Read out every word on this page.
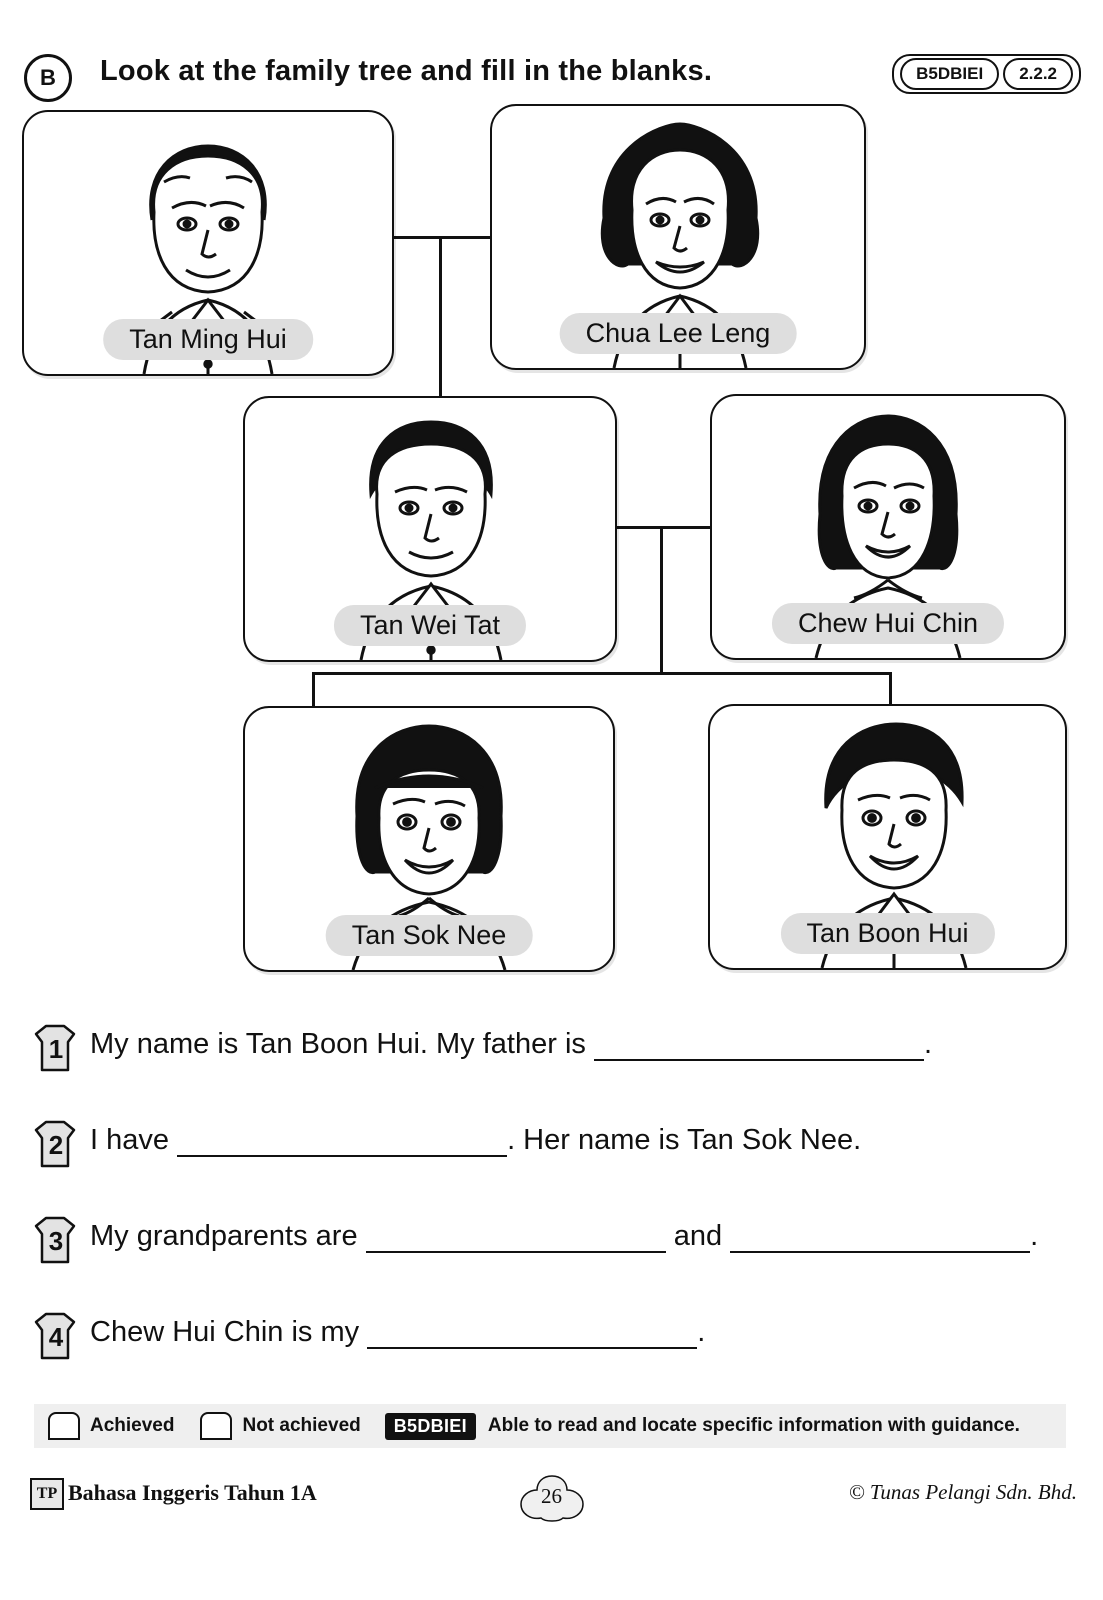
B	Look at the family tree and fill in the blanks.	B5DBIEI	2.2.2
Tan Ming Hui	Chua Lee Leng
Tan Wei Tat	Chew Hui Chin
Tan Sok Nee	Tan Boon Hui
1 My name is Tan Boon Hui. My father is	.
2 I have	. Her name is Tan Sok Nee.
3 My grandparents are	and	.
4 Chew Hui Chin is my	.
Achieved	Not achieved	B5DBIEI	Able to read and locate specific information with guidance.
TP Bahasa Inggeris Tahun 1A	26	© Tunas Pelangi Sdn. Bhd.
